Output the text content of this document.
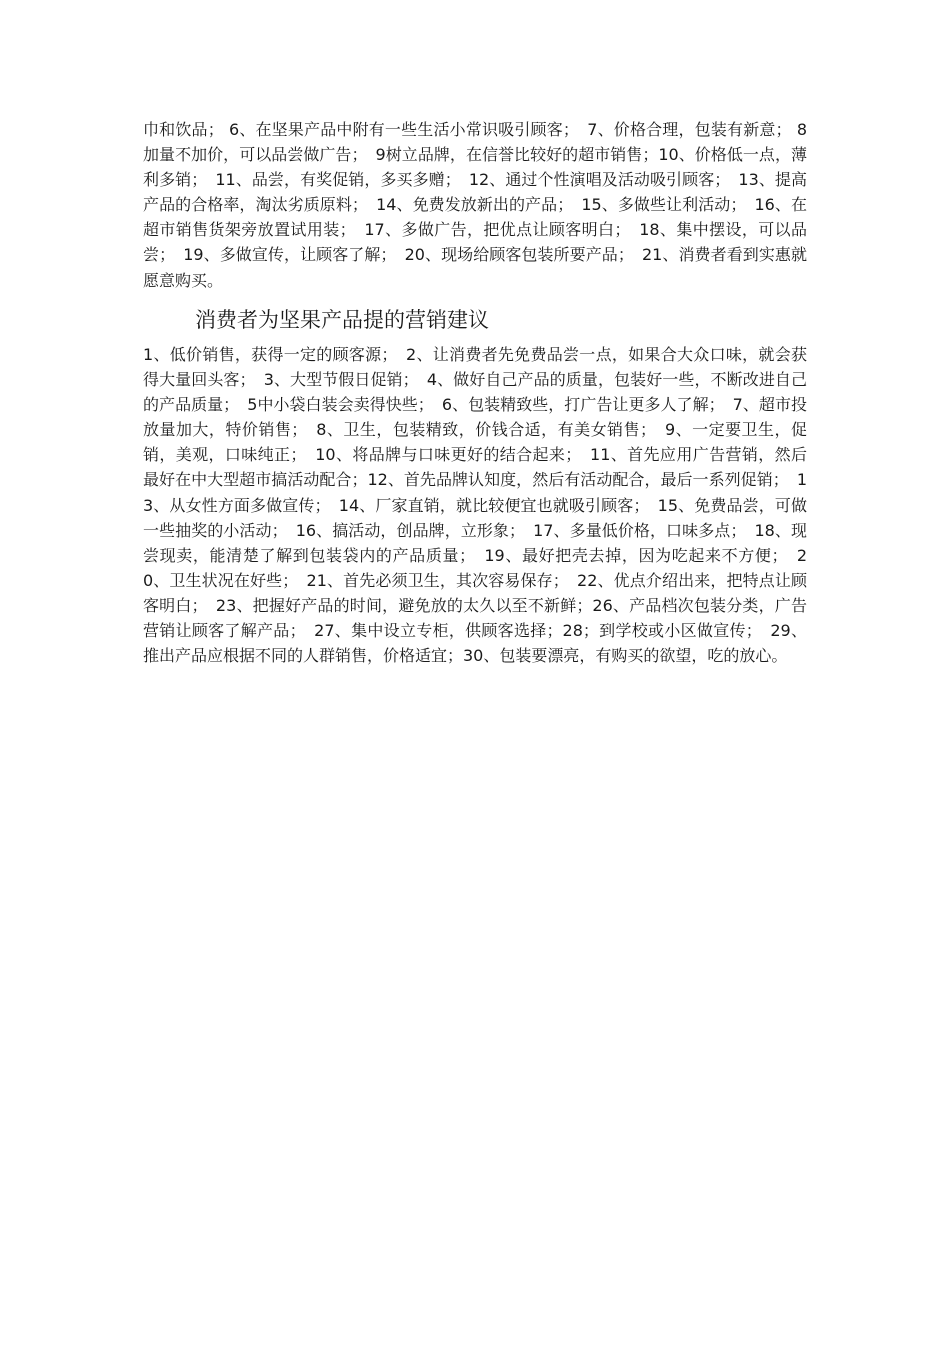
巾和饮品； 6、在坚果产品中附有一些生活小常识吸引顾客；　7、价格合理，包装有新意； 8加量不加价，可以品尝做广告；　9树立品牌，在信誉比较好的超市销售；10、价格低一点，薄利多销；　11、品尝，有奖促销，多买多赠；　12、通过个性演唱及活动吸引顾客；　13、提高产品的合格率，淘汰劣质原料；　14、免费发放新出的产品；　15、多做些让利活动；　16、在超市销售货架旁放置试用装；　17、多做广告，把优点让顾客明白；　18、集中摆设，可以品尝；　19、多做宣传，让顾客了解；　20、现场给顾客包装所要产品；　21、消费者看到实惠就愿意购买。

消费者为坚果产品提的营销建议

1、低价销售，获得一定的顾客源；　2、让消费者先免费品尝一点，如果合大众口味，就会获得大量回头客；　3、大型节假日促销；　4、做好自己产品的质量，包装好一些，不断改进自己的产品质量；　5中小袋白装会卖得快些；　6、包装精致些，打广告让更多人了解；　7、超市投放量加大，特价销售；　8、卫生，包装精致，价钱合适，有美女销售；　9、一定要卫生，促销，美观，口味纯正；　10、将品牌与口味更好的结合起来；　11、首先应用广告营销，然后最好在中大型超市搞活动配合；12、首先品牌认知度，然后有活动配合，最后一系列促销；　13、从女性方面多做宣传；　14、厂家直销，就比较便宜也就吸引顾客；　15、免费品尝，可做一些抽奖的小活动；　16、搞活动，创品牌，立形象；　17、多量低价格，口味多点；　18、现尝现卖，能清楚了解到包装袋内的产品质量；　19、最好把壳去掉，因为吃起来不方便；　20、卫生状况在好些；　21、首先必须卫生，其次容易保存；　22、优点介绍出来，把特点让顾客明白；　23、把握好产品的时间，避免放的太久以至不新鲜；26、产品档次包装分类，广告营销让顾客了解产品；　27、集中设立专柜，供顾客选择；28；到学校或小区做宣传；　29、推出产品应根据不同的人群销售，价格适宜；30、包装要漂亮，有购买的欲望，吃的放心。
